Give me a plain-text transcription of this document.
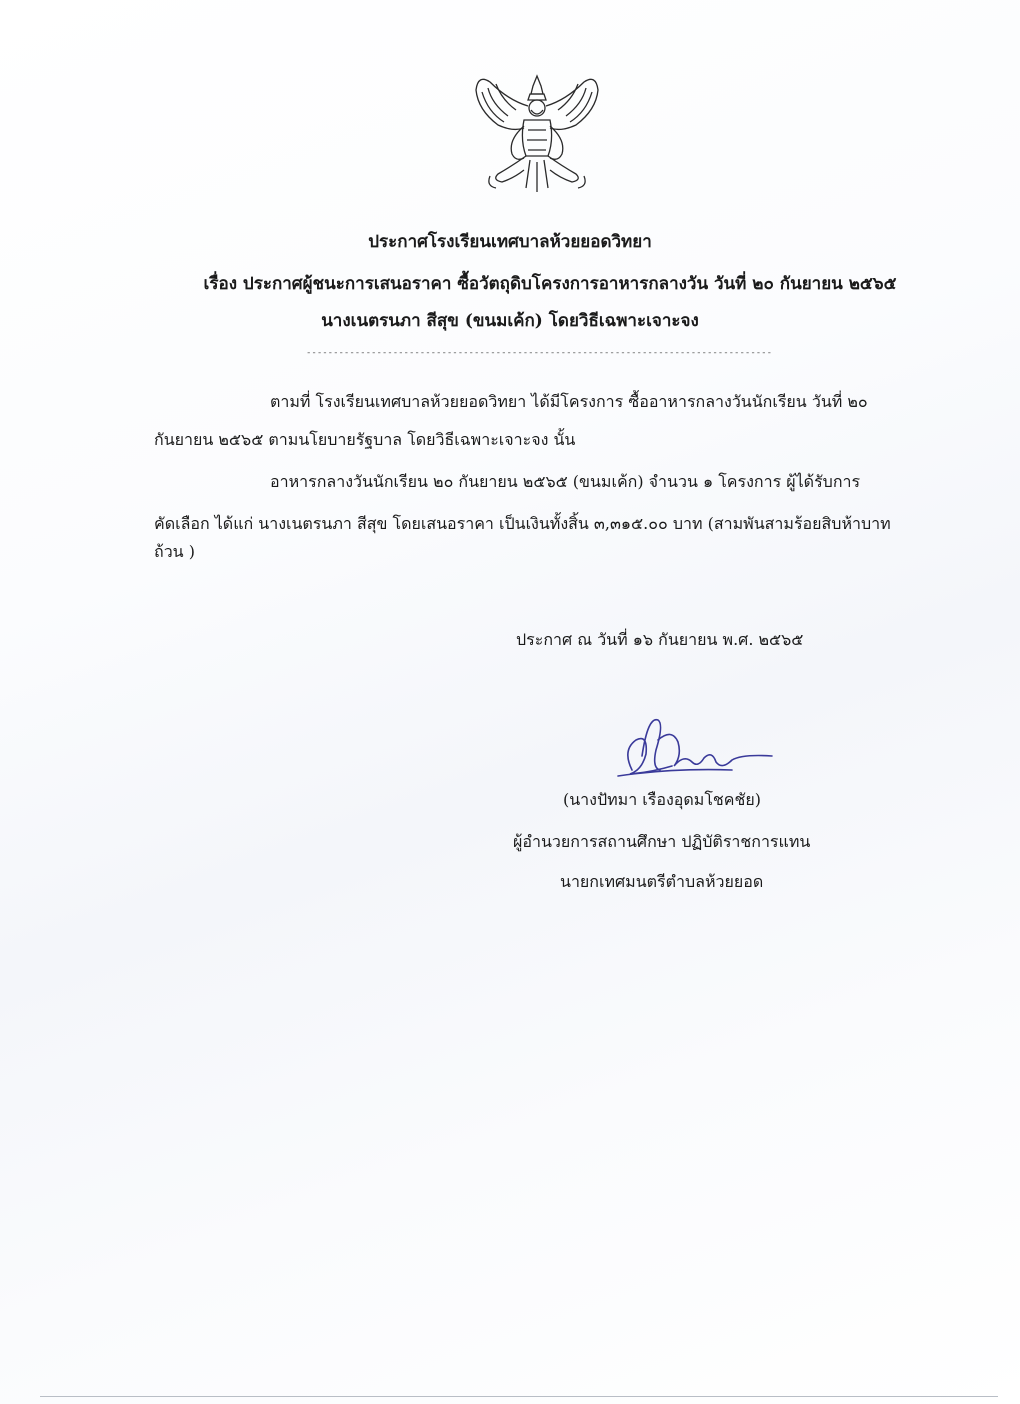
ประกาศโรงเรียนเทศบาลห้วยยอดวิทยา
เรื่อง ประกาศผู้ชนะการเสนอราคา ซื้อวัตถุดิบโครงการอาหารกลางวัน วันที่ ๒๐ กันยายน ๒๕๖๕
นางเนตรนภา สีสุข (ขนมเค้ก) โดยวิธีเฉพาะเจาะจง
--------------------------------------------------------------------------------------
ตามที่ โรงเรียนเทศบาลห้วยยอดวิทยา ได้มีโครงการ ซื้ออาหารกลางวันนักเรียน วันที่ ๒๐
กันยายน ๒๕๖๕ ตามนโยบายรัฐบาล โดยวิธีเฉพาะเจาะจง นั้น
อาหารกลางวันนักเรียน ๒๐ กันยายน ๒๕๖๕ (ขนมเค้ก) จำนวน ๑ โครงการ ผู้ได้รับการ
คัดเลือก ได้แก่ นางเนตรนภา สีสุข โดยเสนอราคา เป็นเงินทั้งสิ้น ๓,๓๑๕.๐๐ บาท (สามพันสามร้อยสิบห้าบาท
ถ้วน )
ประกาศ ณ วันที่ ๑๖ กันยายน พ.ศ. ๒๕๖๕
(นางปัทมา เรืองอุดมโชคชัย)
ผู้อำนวยการสถานศึกษา ปฏิบัติราชการแทน
นายกเทศมนตรีตำบลห้วยยอด
